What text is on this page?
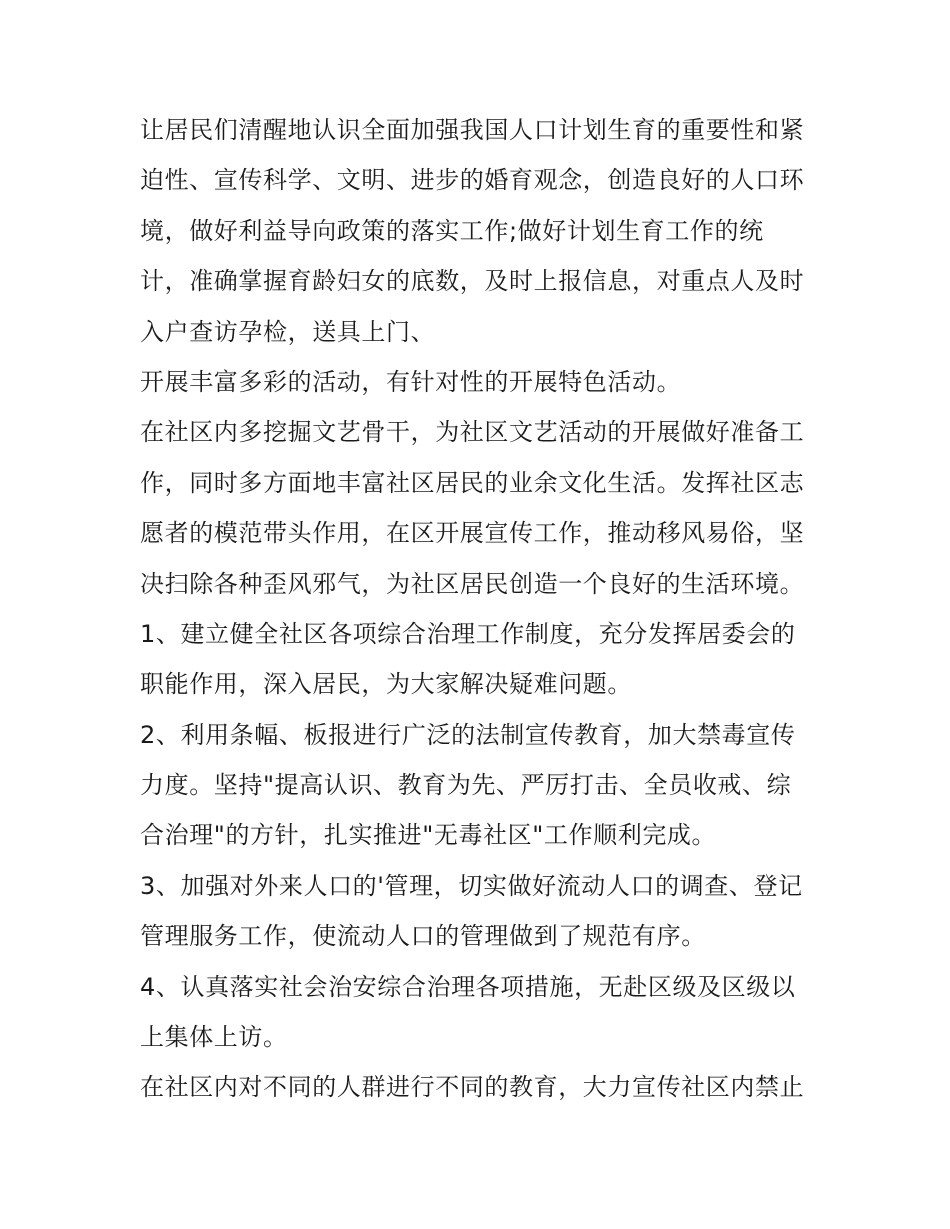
让居民们清醒地认识全面加强我国人口计划生育的重要性和紧
迫性、宣传科学、文明、进步的婚育观念，创造良好的人口环
境，做好利益导向政策的落实工作;做好计划生育工作的统
计，准确掌握育龄妇女的底数，及时上报信息，对重点人及时
入户查访孕检，送具上门、
开展丰富多彩的活动，有针对性的开展特色活动。
在社区内多挖掘文艺骨干，为社区文艺活动的开展做好准备工
作，同时多方面地丰富社区居民的业余文化生活。发挥社区志
愿者的模范带头作用，在区开展宣传工作，推动移风易俗，坚
决扫除各种歪风邪气，为社区居民创造一个良好的生活环境。
1、建立健全社区各项综合治理工作制度，充分发挥居委会的
职能作用，深入居民，为大家解决疑难问题。
2、利用条幅、板报进行广泛的法制宣传教育，加大禁毒宣传
力度。坚持"提高认识、教育为先、严厉打击、全员收戒、综
合治理"的方针，扎实推进"无毒社区"工作顺利完成。
3、加强对外来人口的'管理，切实做好流动人口的调查、登记
管理服务工作，使流动人口的管理做到了规范有序。
4、认真落实社会治安综合治理各项措施，无赴区级及区级以
上集体上访。
在社区内对不同的人群进行不同的教育，大力宣传社区内禁止
